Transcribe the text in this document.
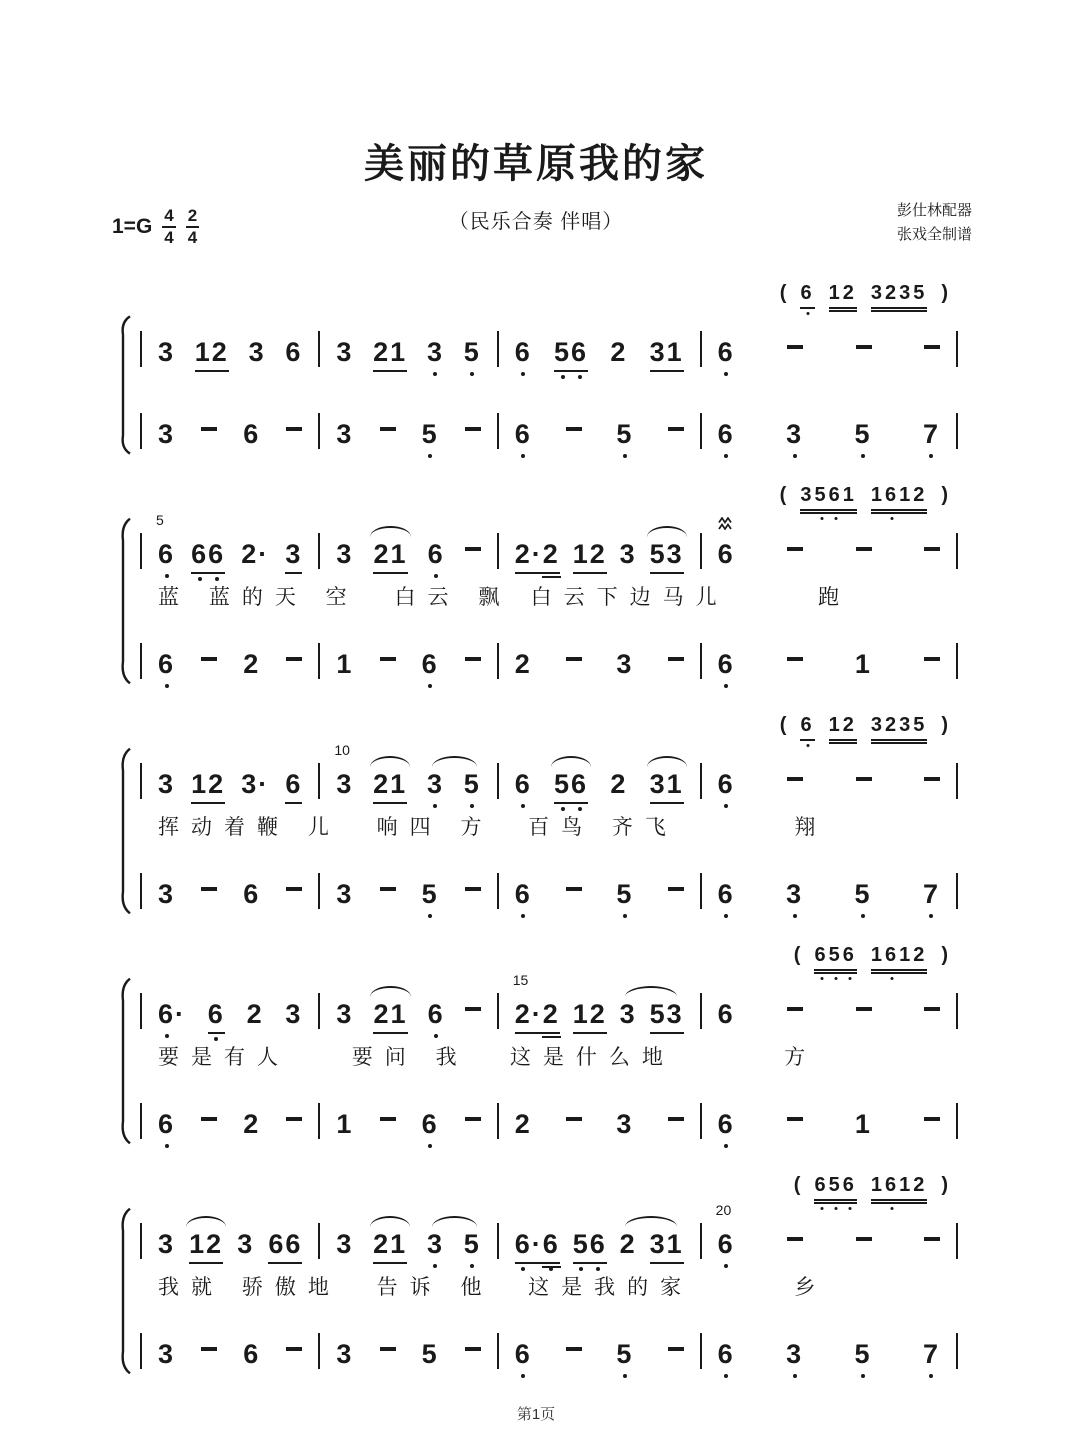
美丽的草原我的家
$1=G \frac{4}{4} \frac{2}{4}$	（民乐合奏 伴唱）
彭仕林配器
张戏全制谱
( 6 12 3235 )
3 12 3 6 3 21 3 5 6 56 2 31 6
3	6	3	5	6	5	6 3 5 7
( 3561 1612 )
5
6 66 2· 3 3 21 6	2·2 12 3 53 6
蓝 蓝的天 空 白云 飘 白云下边马儿 跑
6	2	1	6	2	3	6	1
( 6 12 3235 )
3 12 3· 6
10
3 21 3 5 6 56 2 31 6
挥动着鞭 儿 响四 方	百鸟 齐飞	翔
3	6	3	5	6	5	6 3 5 7
( 656 1612 )
6· 6 2 3 3 21 6
15
2·2 12 3 53 6
要是有人	要问 我	这是什么地	方
6	2	1	6	2	3	6	1
( 656 1612 )
3 12 3 66 3 21 3 5 6·6 56 2 31
20
6
我就 骄傲地 告诉 他	这是我的家	乡
3	6	3	5	6	5	6 3 5 7
第1页
